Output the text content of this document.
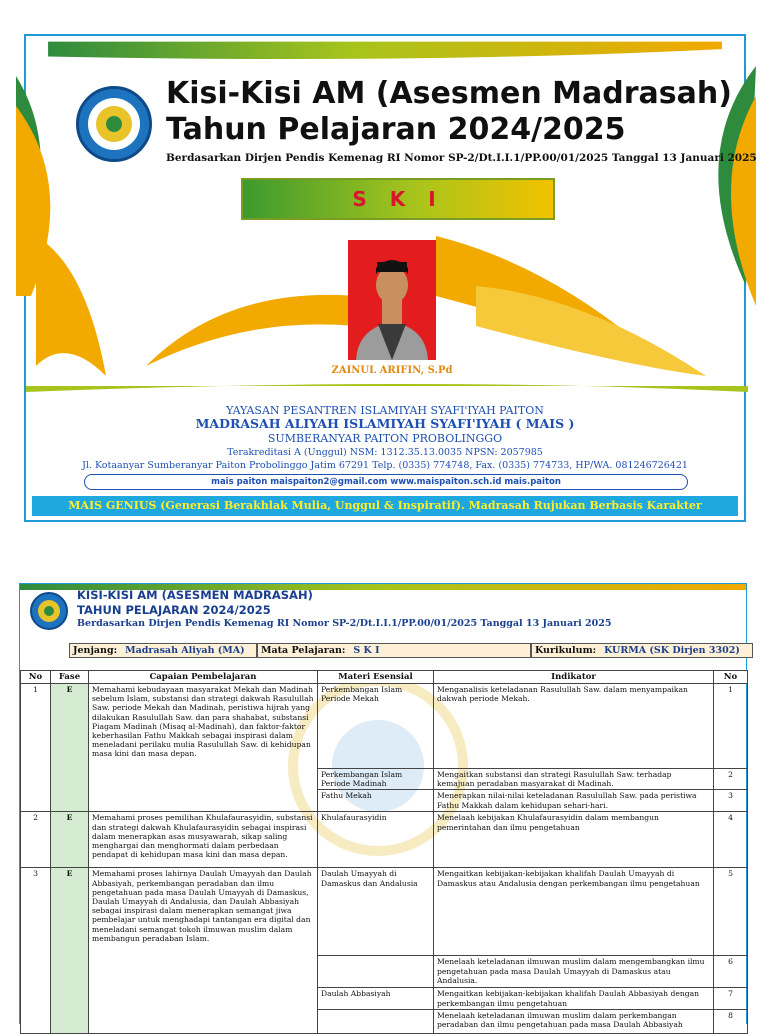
Kisi-Kisi AM (Asesmen Madrasah)
Tahun Pelajaran 2024/2025
Berdasarkan Dirjen Pendis Kemenag RI Nomor SP-2/Dt.I.I.1/PP.00/01/2025 Tanggal 13 Januari 2025
S K I
ZAINUL ARIFIN, S.Pd
YAYASAN PESANTREN ISLAMIYAH SYAFI'IYAH PAITON
MADRASAH ALIYAH ISLAMIYAH SYAFI'IYAH ( MAIS )
SUMBERANYAR PAITON PROBOLINGGO
Terakreditasi A (Unggul) NSM: 1312.35.13.0035 NPSN: 2057985
Jl. Kotaanyar Sumberanyar Paiton Probolinggo Jatim 67291 Telp. (0335) 774748, Fax. (0335) 774733, HP/WA. 081246726421
mais paiton maispaiton2@gmail.com www.maispaiton.sch.id mais.paiton
MAIS GENIUS (Generasi Berakhlak Mulia, Unggul & Inspiratif). Madrasah Rujukan Berbasis Karakter
KISI-KISI AM (ASESMEN MADRASAH)
TAHUN PELAJARAN 2024/2025
Berdasarkan Dirjen Pendis Kemenag RI Nomor SP-2/Dt.I.I.1/PP.00/01/2025 Tanggal 13 Januari 2025
Jenjang: Madrasah Aliyah (MA)	Mata Pelajaran: S K I	Kurikulum: KURMA (SK Dirjen 3302)
No	Fase	Capaian Pembelajaran	Materi Esensial	Indikator	No
1	E	Memahami kebudayaan masyarakat Mekah dan Madinah sebelum Islam, substansi dan strategi dakwah Rasulullah Saw. periode Mekah dan Madinah, peristiwa hijrah yang dilakukan Rasulullah Saw. dan para shahabat, substansi Piagam Madinah (Misaq al-Madinah), dan faktor-faktor keberhasilan Fathu Makkah sebagai inspirasi dalam meneladani perilaku mulia Rasulullah Saw. di kehidupan masa kini dan masa depan.	Perkembangan Islam Periode Mekah	Menganalisis keteladanan Rasulullah Saw. dalam menyampaikan dakwah periode Mekah.	1
			Perkembangan Islam Periode Madinah	Mengaitkan substansi dan strategi Rasulullah Saw. terhadap kemajuan peradaban masyarakat di Madinah.	2
			Fathu Mekah	Menerapkan nilai-nilai keteladanan Rasulullah Saw. pada peristiwa Fathu Makkah dalam kehidupan sehari-hari.	3
2	E	Memahami proses pemilihan Khulafaurasyidin, substansi dan strategi dakwah Khulafaurasyidin sebagai inspirasi dalam menerapkan asas musyawarah, sikap saling menghargai dan menghormati dalam perbedaan pendapat di kehidupan masa kini dan masa depan.	Khulafaurasyidin	Menelaah kebijakan Khulafaurasyidin dalam membangun pemerintahan dan ilmu pengetahuan	4
3	E	Memahami proses lahirnya Daulah Umayyah dan Daulah Abbasiyah, perkembangan peradaban dan ilmu pengetahuan pada masa Daulah Umayyah di Damaskus, Daulah Umayyah di Andalusia, dan Daulah Abbasiyah sebagai inspirasi dalam menerapkan semangat jiwa pembelajar untuk menghadapi tantangan era digital dan meneladani semangat tokoh ilmuwan muslim dalam membangun peradaban Islam.	Daulah Umayyah di Damaskus dan Andalusia	Mengaitkan kebijakan-kebijakan khalifah Daulah Umayyah di Damaskus atau Andalusia dengan perkembangan ilmu pengetahuan	5
				Menelaah keteladanan ilmuwan muslim dalam mengembangkan ilmu pengetahuan pada masa Daulah Umayyah di Damaskus atau Andalusia.	6
			Daulah Abbasiyah	Mengaitkan kebijakan-kebijakan khalifah Daulah Abbasiyah dengan perkembangan ilmu pengetahuan	7
				Menelaah keteladanan ilmuwan muslim dalam perkembangan peradaban dan ilmu pengetahuan pada masa Daulah Abbasiyah	8
